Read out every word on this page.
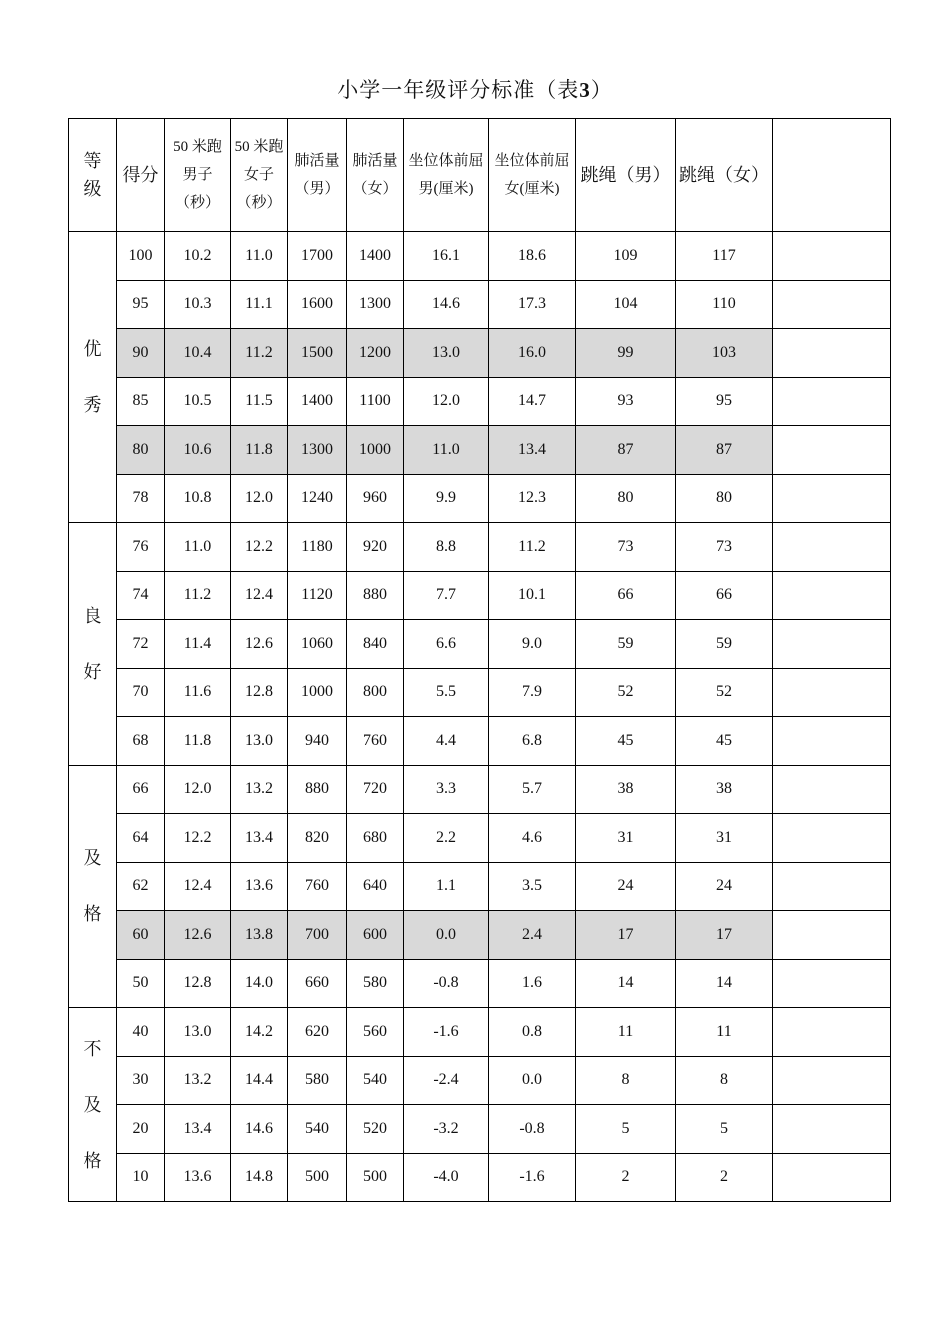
小学一年级评分标准（表3）
等
级	得分	50 米跑
男子
（秒）	50 米跑
女子
（秒）	肺活量
（男）	肺活量
（女）	坐位体前屈
男(厘米)	坐位体前屈
女(厘米)	跳绳（男）	跳绳（女）	

优
秀	100	10.2	11.0	1700	1400	16.1	18.6	109	117	
	95	10.3	11.1	1600	1300	14.6	17.3	104	110	
	90	10.4	11.2	1500	1200	13.0	16.0	99	103	
	85	10.5	11.5	1400	1100	12.0	14.7	93	95	
	80	10.6	11.8	1300	1000	11.0	13.4	87	87	
	78	10.8	12.0	1240	960	9.9	12.3	80	80	

良
好	76	11.0	12.2	1180	920	8.8	11.2	73	73	
	74	11.2	12.4	1120	880	7.7	10.1	66	66	
	72	11.4	12.6	1060	840	6.6	9.0	59	59	
	70	11.6	12.8	1000	800	5.5	7.9	52	52	
	68	11.8	13.0	940	760	4.4	6.8	45	45	

及
格	66	12.0	13.2	880	720	3.3	5.7	38	38	
	64	12.2	13.4	820	680	2.2	4.6	31	31	
	62	12.4	13.6	760	640	1.1	3.5	24	24	
	60	12.6	13.8	700	600	0.0	2.4	17	17	
	50	12.8	14.0	660	580	-0.8	1.6	14	14	

不
及
格	40	13.0	14.2	620	560	-1.6	0.8	11	11	
	30	13.2	14.4	580	540	-2.4	0.0	8	8	
	20	13.4	14.6	540	520	-3.2	-0.8	5	5	
	10	13.6	14.8	500	500	-4.0	-1.6	2	2	
